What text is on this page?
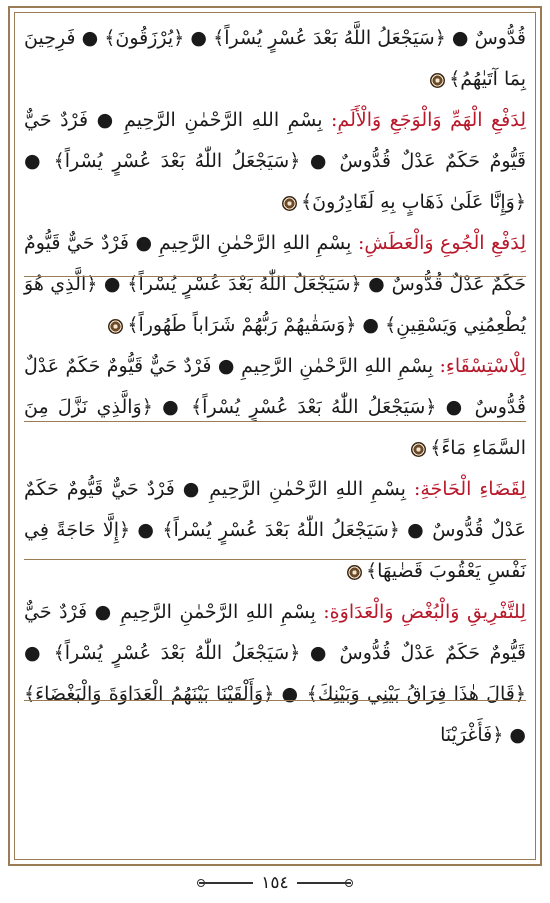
قُدُّوسٌ ● ﴿سَيَجْعَلُ اللَّهُ بَعْدَ عُسْرٍ يُسْراً﴾ ● ﴿يُرْزَقُونَ﴾ ● فَرِحِينَ بِمَا آتَيٰهُمُ﴾

لِدَفْعِ الْهَمِّ وَالْوَجَعِ وَالْأَلَمِ: بِسْمِ اللهِ الرَّحْمٰنِ الرَّحِيمِ ● فَرْدٌ حَيٌّ قَيُّومٌ حَكَمٌ عَدْلٌ قُدُّوسٌ ● ﴿سَيَجْعَلُ اللّٰهُ بَعْدَ عُسْرٍ يُسْراً﴾ ● ﴿وَإِنَّا عَلَىٰ ذَهَابٍ بِهِ لَقَادِرُونَ﴾

لِدَفْعِ الْجُوعِ وَالْعَطَشِ: بِسْمِ اللهِ الرَّحْمٰنِ الرَّحِيمِ ● فَرْدٌ حَيٌّ قَيُّومٌ حَكَمٌ عَدْلٌ قُدُّوسٌ ● ﴿سَيَجْعَلُ اللّٰهُ بَعْدَ عُسْرٍ يُسْراً﴾ ● ﴿الَّذِي هُوَ يُطْعِمُنِي وَيَسْقِينِ﴾ ● ﴿وَسَقٰيهُمْ رَبُّهُمْ شَرَاباً طَهُوراً﴾

لِلْاسْتِسْقَاءِ: بِسْمِ اللهِ الرَّحْمٰنِ الرَّحِيمِ ● فَرْدٌ حَيٌّ قَيُّومٌ حَكَمٌ عَدْلٌ قُدُّوسٌ ● ﴿سَيَجْعَلُ اللّٰهُ بَعْدَ عُسْرٍ يُسْراً﴾ ● ﴿وَالَّذِي نَزَّلَ مِنَ السَّمَاءِ مَاءً﴾

لِقَضَاءِ الْحَاجَةِ: بِسْمِ اللهِ الرَّحْمٰنِ الرَّحِيمِ ● فَرْدٌ حَيٌّ قَيُّومٌ حَكَمٌ عَدْلٌ قُدُّوسٌ ● ﴿سَيَجْعَلُ اللّٰهُ بَعْدَ عُسْرٍ يُسْراً﴾ ● ﴿إِلَّا حَاجَةً فِي نَفْسِ يَعْقُوبَ قَضٰيهَا﴾

لِلتَّفْرِيقِ وَالْبُغْضِ وَالْعَدَاوَةِ: بِسْمِ اللهِ الرَّحْمٰنِ الرَّحِيمِ ● فَرْدٌ حَيٌّ قَيُّومٌ حَكَمٌ عَدْلٌ قُدُّوسٌ ● ﴿سَيَجْعَلُ اللّٰهُ بَعْدَ عُسْرٍ يُسْراً﴾ ● ﴿قَالَ هٰذَا فِرَاقُ بَيْنِي وَبَيْنِكَ﴾ ● ﴿وَأَلْقَيْنَا بَيْنَهُمُ الْعَدَاوَةَ وَالْبَغْضَاءَ﴾ ● ﴿فَأَغْرَيْنَا

١٥٤
